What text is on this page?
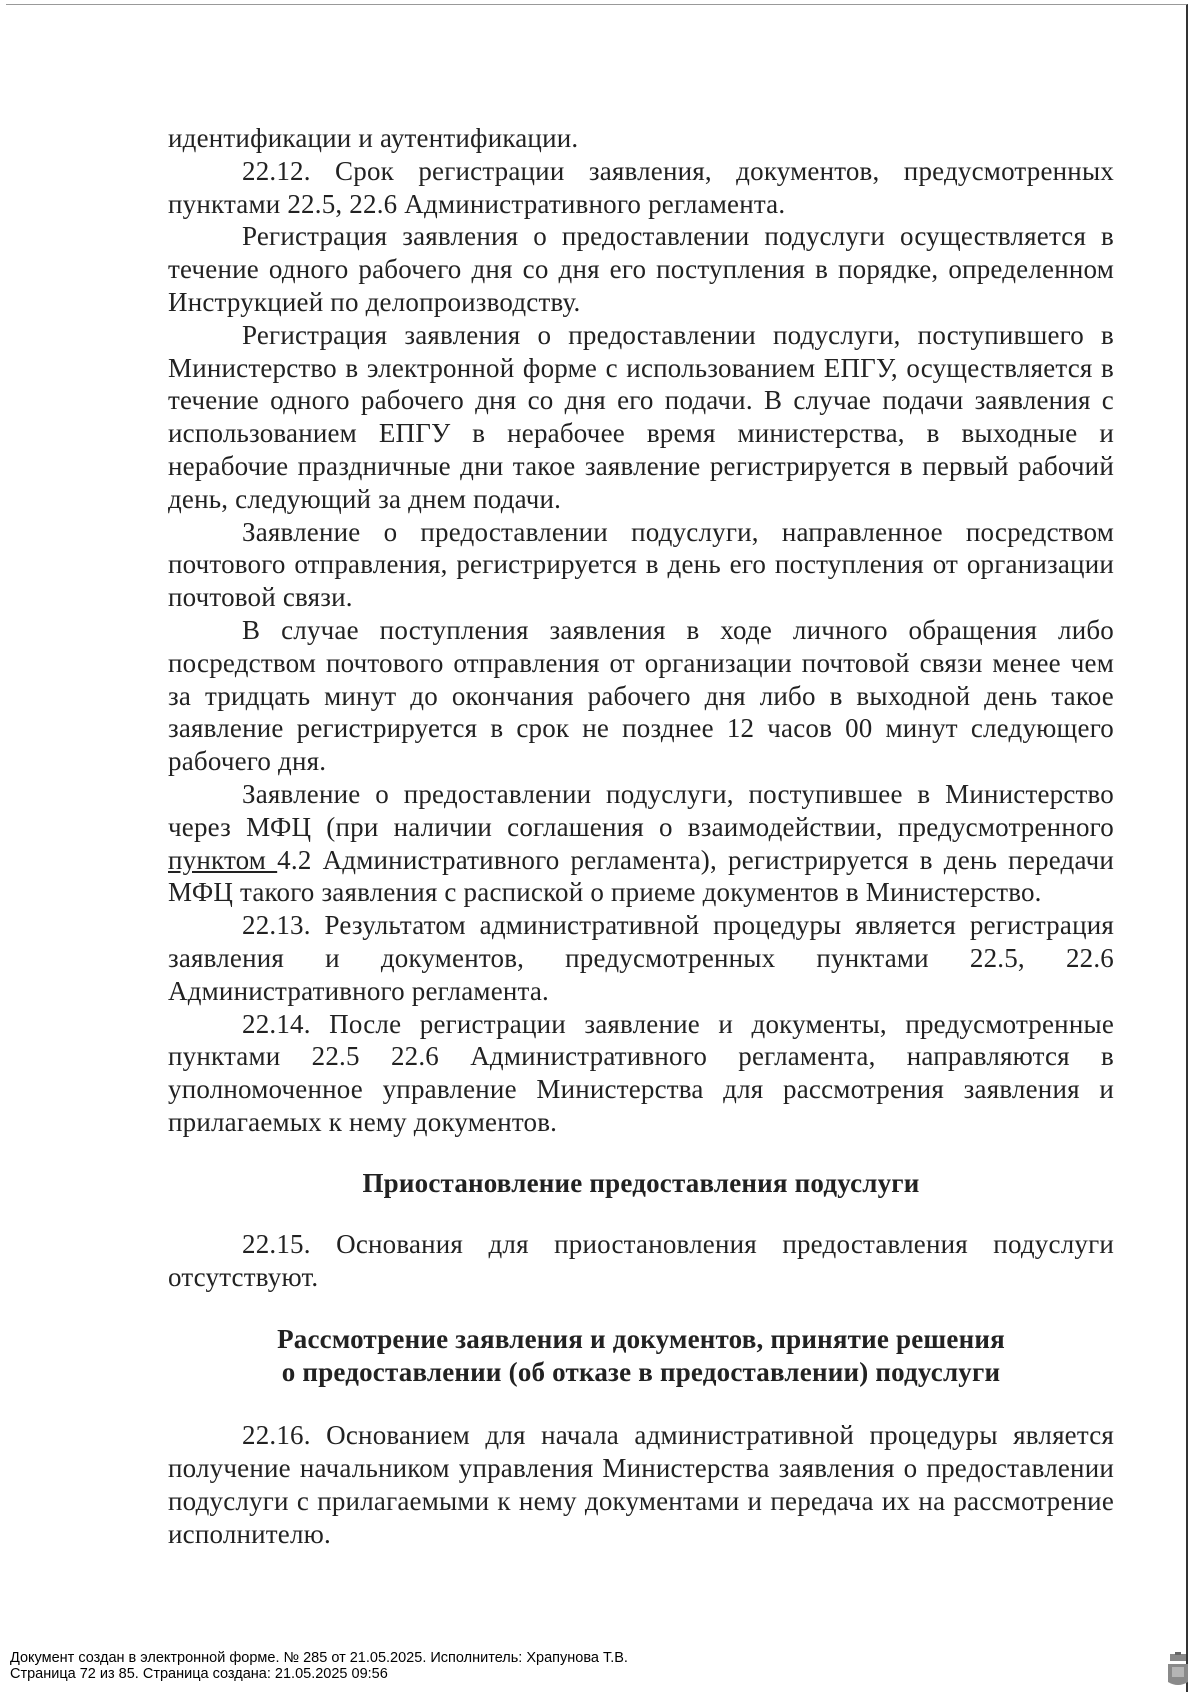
идентификации и аутентификации.

22.12. Срок регистрации заявления, документов, предусмотренных пунктами 22.5, 22.6 Административного регламента.

Регистрация заявления о предоставлении подуслуги осуществляется в течение одного рабочего дня со дня его поступления в порядке, определенном Инструкцией по делопроизводству.

Регистрация заявления о предоставлении подуслуги, поступившего в Министерство в электронной форме с использованием ЕПГУ, осуществляется в течение одного рабочего дня со дня его подачи. В случае подачи заявления с использованием ЕПГУ в нерабочее время министерства, в выходные и нерабочие праздничные дни такое заявление регистрируется в первый рабочий день, следующий за днем подачи.

Заявление о предоставлении подуслуги, направленное посредством почтового отправления, регистрируется в день его поступления от организации почтовой связи.

В случае поступления заявления в ходе личного обращения либо посредством почтового отправления от организации почтовой связи менее чем за тридцать минут до окончания рабочего дня либо в выходной день такое заявление регистрируется в срок не позднее 12 часов 00 минут следующего рабочего дня.

Заявление о предоставлении подуслуги, поступившее в Министерство через МФЦ (при наличии соглашения о взаимодействии, предусмотренного пунктом 4.2 Административного регламента), регистрируется в день передачи МФЦ такого заявления с распиской о приеме документов в Министерство.

22.13. Результатом административной процедуры является регистрация заявления и документов, предусмотренных пунктами 22.5, 22.6 Административного регламента.

22.14. После регистрации заявление и документы, предусмотренные пунктами 22.5 22.6 Административного регламента, направляются в уполномоченное управление Министерства для рассмотрения заявления и прилагаемых к нему документов.

Приостановление предоставления подуслуги

22.15. Основания для приостановления предоставления подуслуги отсутствуют.

Рассмотрение заявления и документов, принятие решения
о предоставлении (об отказе в предоставлении) подуслуги

22.16. Основанием для начала административной процедуры является получение начальником управления Министерства заявления о предоставлении подуслуги с прилагаемыми к нему документами и передача их на рассмотрение исполнителю.

Документ создан в электронной форме. № 285 от 21.05.2025. Исполнитель: Храпунова Т.В.
Страница 72 из 85. Страница создана: 21.05.2025 09:56
